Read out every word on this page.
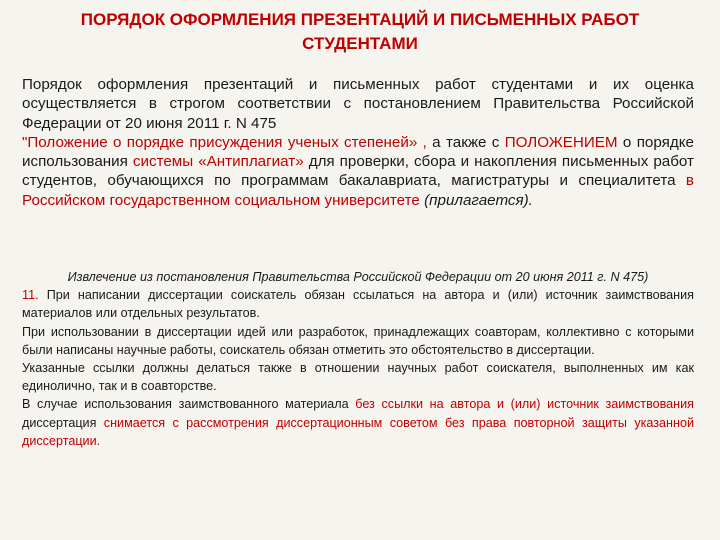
ПОРЯДОК ОФОРМЛЕНИЯ ПРЕЗЕНТАЦИЙ И ПИСЬМЕННЫХ РАБОТ СТУДЕНТАМИ
Порядок оформления презентаций и письменных работ студентами и их оценка осуществляется в строгом соответствии с постановлением Правительства Российской Федерации от 20 июня 2011 г. N 475
"Положение о порядке присуждения ученых степеней» , а также с ПОЛОЖЕНИЕМ о порядке использования системы «Антиплагиат» для проверки, сбора и накопления письменных работ студентов, обучающихся по программам бакалавриата, магистратуры и специалитета в Российском государственном социальном университете (прилагается).
Извлечение из постановления Правительства Российской Федерации от 20 июня 2011 г. N 475)

11. При написании диссертации соискатель обязан ссылаться на автора и (или) источник заимствования материалов или отдельных результатов.

При использовании в диссертации идей или разработок, принадлежащих соавторам, коллективно с которыми были написаны научные работы, соискатель обязан отметить это обстоятельство в диссертации.

Указанные ссылки должны делаться также в отношении научных работ соискателя, выполненных им как единолично, так и в соавторстве.

В случае использования заимствованного материала без ссылки на автора и (или) источник заимствования диссертация снимается с рассмотрения диссертационным советом без права повторной защиты указанной диссертации.
